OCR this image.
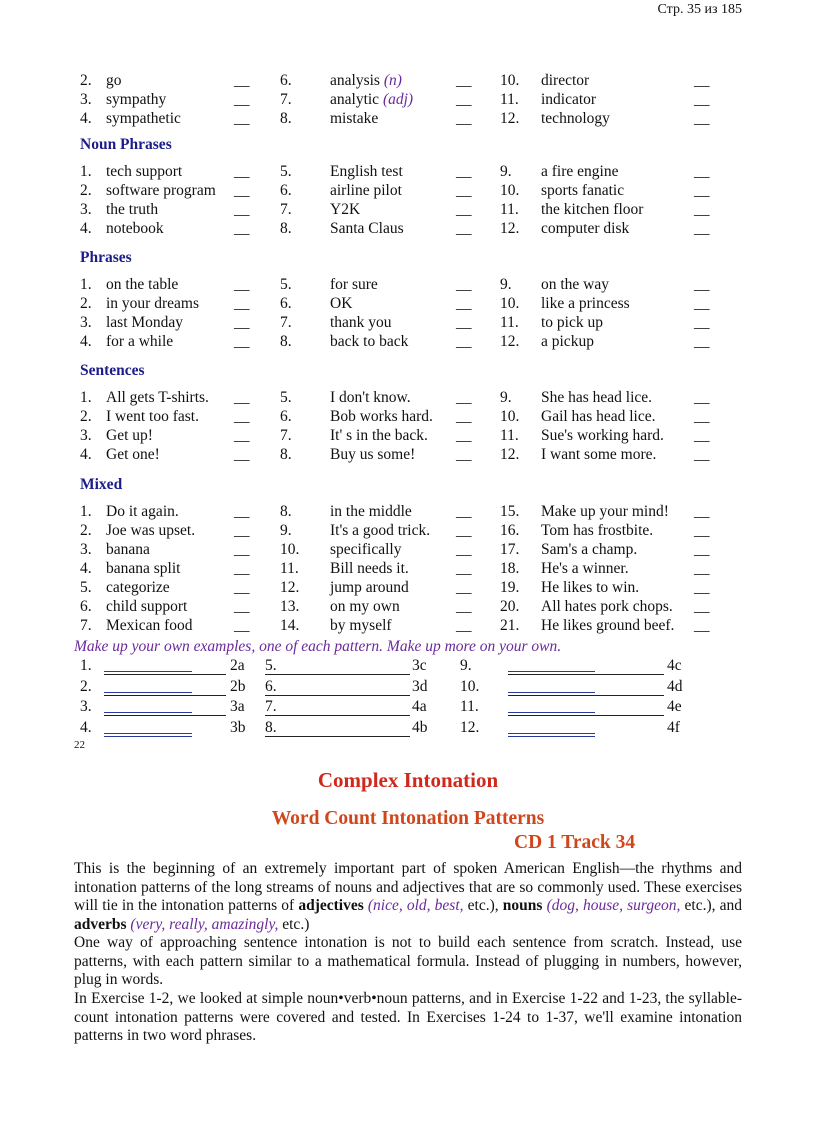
Стр. 35 из 185
2. go	__ 6. analysis (n)	__ 10. director	__
3. sympathy	__ 7. analytic (adj)	__ 11. indicator	__
4. sympathetic	__ 8. mistake	__ 12. technology	__
Noun Phrases
1. tech support	__ 5. English test	__ 9. a fire engine	__
2. software program __ 6. airline pilot	__ 10. sports fanatic	__
3. the truth	__ 7. Y2K	__ 11. the kitchen floor	__
4. notebook	__ 8. Santa Claus	__ 12. computer disk	__
Phrases
1. on the table	__ 5. for sure	__ 9. on the way	__
2. in your dreams __ 6. OK	__ 10. like a princess	__
3. last Monday	__ 7. thank you	__ 11. to pick up	__
4. for a while	__ 8. back to back	__ 12. a pickup	__
Sentences
1. All gets T-shirts. __ 5. I don't know.	__ 9. She has head lice.	__
2. I went too fast. __ 6. Bob works hard. __ 10. Gail has head lice. __
3. Get up!	__ 7. It' s in the back. __ 11. Sue's working hard. __
4. Get one!	__ 8. Buy us some!	__ 12. I want some more. __
Mixed
1. Do it again.	__ 8. in the middle	__ 15. Make up your mind! __
2. Joe was upset.	__ 9. It's a good trick. __ 16. Tom has frostbite.	__
3. banana	__ 10. specifically	__ 17. Sam's a champ.	__
4. banana split	__ 11. Bill needs it.	__ 18. He's a winner.	__
5. categorize	__ 12. jump around	__ 19. He likes to win.	__
6. child support	__ 13. on my own	__ 20. All hates pork chops. __
7. Mexican food	__ 14. by myself	__ 21. He likes ground beef. __
Make up your own examples, one of each pattern. Make up more on your own.
1.	2a 5.	3c 9.	4c
2.	2b 6.	3d 10.	4d
3.	3a 7.	4a 11.	4e
4.	3b 8.	4b 12.	4f
22
Complex Intonation
Word Count Intonation Patterns
CD 1 Track 34
This is the beginning of an extremely important part of spoken American English—the rhythms and intonation patterns of the long streams of nouns and adjectives that are so commonly used. These exercises will tie in the intonation patterns of adjectives (nice, old, best, etc.), nouns (dog, house, surgeon, etc.), and adverbs (very, really, amazingly, etc.)
One way of approaching sentence intonation is not to build each sentence from scratch. Instead, use patterns, with each pattern similar to a mathematical formula. Instead of plugging in numbers, however, plug in words.
In Exercise 1-2, we looked at simple noun•verb•noun patterns, and in Exercise 1-22 and 1-23, the syllable-count intonation patterns were covered and tested. In Exercises 1-24 to 1-37, we'll examine intonation patterns in two word phrases.
